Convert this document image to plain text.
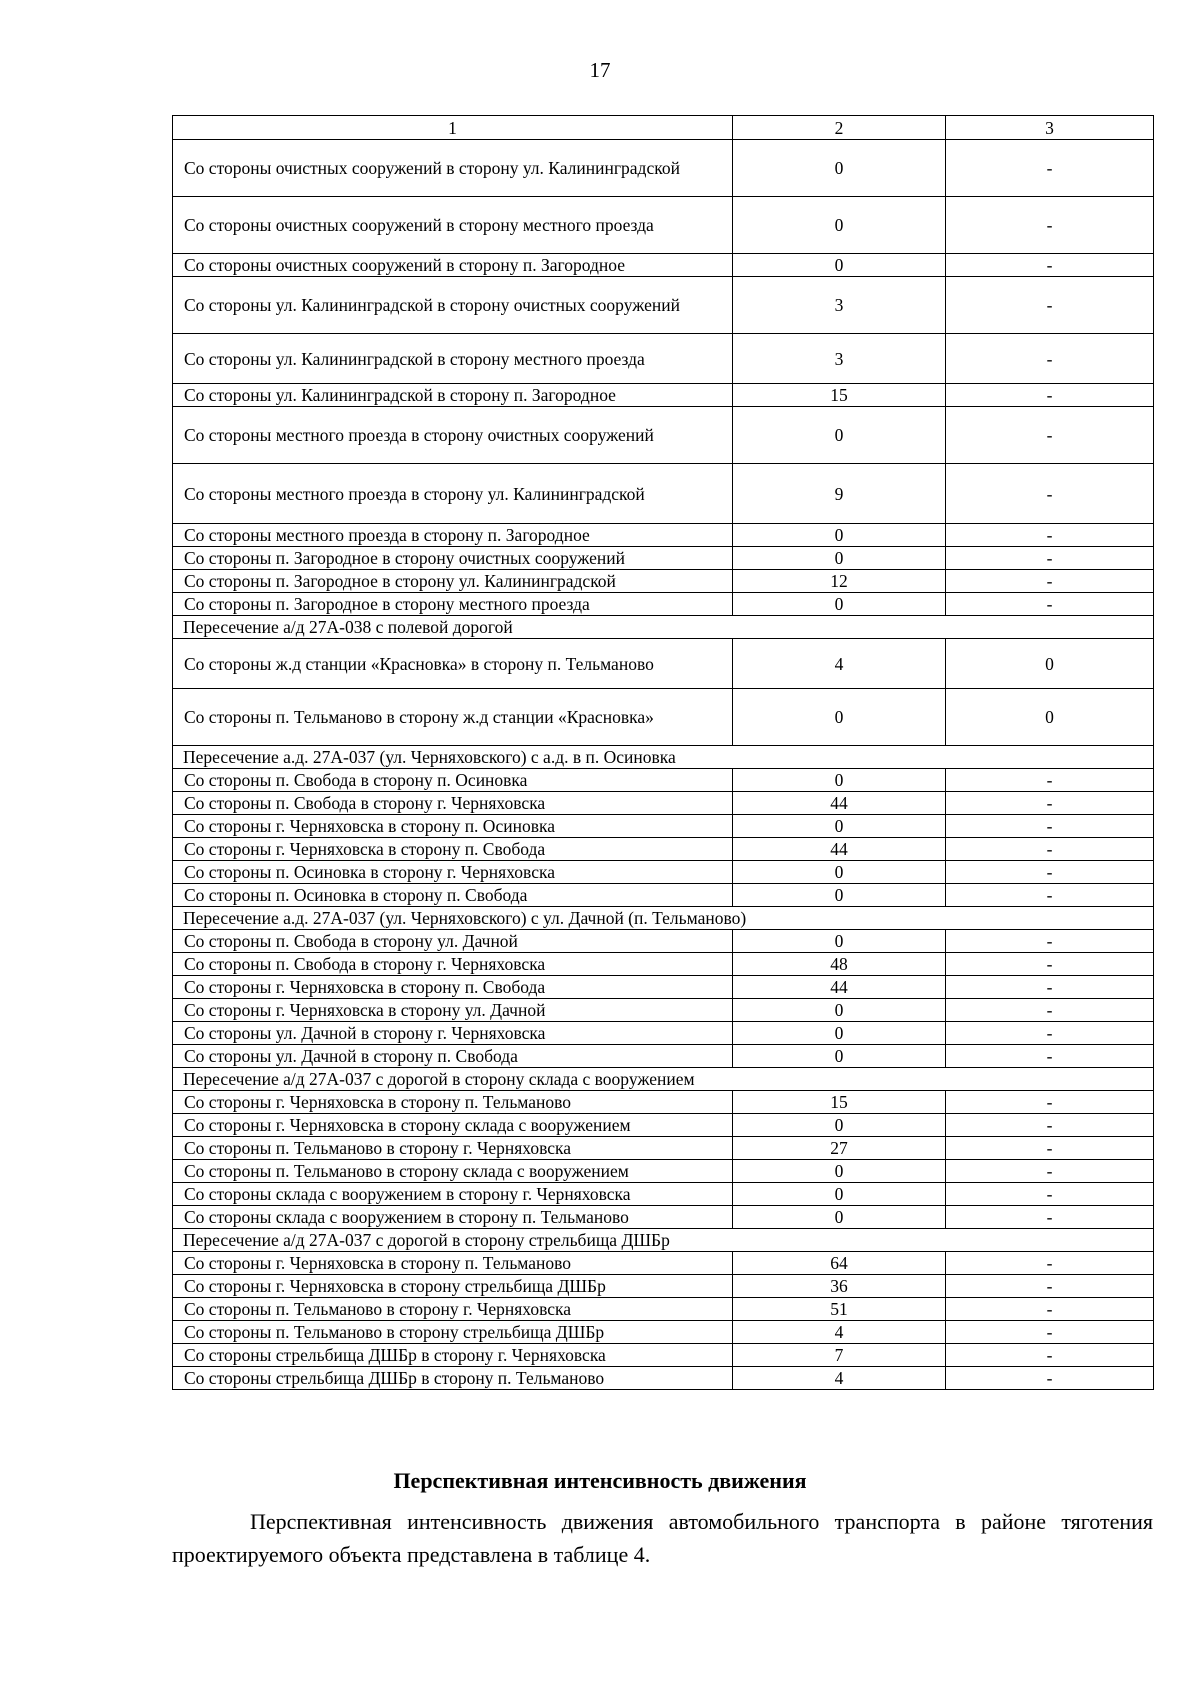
17
1	2	3
Со стороны очистных сооружений в сторону ул. Калининградской	0	-
Со стороны очистных сооружений в сторону местного проезда	0	-
Со стороны очистных сооружений в сторону п. Загородное	0	-
Со стороны ул. Калининградской в сторону очистных сооружений	3	-
Со стороны ул. Калининградской в сторону местного проезда	3	-
Со стороны ул. Калининградской в сторону п. Загородное	15	-
Со стороны местного проезда в сторону очистных сооружений	0	-
Со стороны местного проезда в сторону ул. Калининградской	9	-
Со стороны местного проезда в сторону п. Загородное	0	-
Со стороны п. Загородное в сторону очистных сооружений	0	-
Со стороны п. Загородное в сторону ул. Калининградской	12	-
Со стороны п. Загородное в сторону местного проезда	0	-
Пересечение а/д 27А-038 с полевой дорогой		
Со стороны ж.д станции «Красновка» в сторону п. Тельманово	4	0
Со стороны п. Тельманово в сторону ж.д станции «Красновка»	0	0
Пересечение а.д. 27А-037 (ул. Черняховского) с а.д. в п. Осиновка		
Со стороны п. Свобода в сторону п. Осиновка	0	-
Со стороны п. Свобода в сторону г. Черняховска	44	-
Со стороны г. Черняховска в сторону п. Осиновка	0	-
Со стороны г. Черняховска в сторону п. Свобода	44	-
Со стороны п. Осиновка в сторону г. Черняховска	0	-
Со стороны п. Осиновка в сторону п. Свобода	0	-
Пересечение а.д. 27А-037 (ул. Черняховского) с ул. Дачной (п. Тельманово)		
Со стороны п. Свобода в сторону ул. Дачной	0	-
Со стороны п. Свобода в сторону г. Черняховска	48	-
Со стороны г. Черняховска в сторону п. Свобода	44	-
Со стороны г. Черняховска в сторону ул. Дачной	0	-
Со стороны ул. Дачной в сторону г. Черняховска	0	-
Со стороны ул. Дачной в сторону п. Свобода	0	-
Пересечение а/д 27А-037 с дорогой в сторону склада с вооружением		
Со стороны г. Черняховска в сторону п. Тельманово	15	-
Со стороны г. Черняховска в сторону склада с вооружением	0	-
Со стороны п. Тельманово в сторону г. Черняховска	27	-
Со стороны п. Тельманово в сторону склада с вооружением	0	-
Со стороны склада с вооружением в сторону г. Черняховска	0	-
Со стороны склада с вооружением в сторону п. Тельманово	0	-
Пересечение а/д 27А-037 с дорогой в сторону стрельбища ДШБр		
Со стороны г. Черняховска в сторону п. Тельманово	64	-
Со стороны г. Черняховска в сторону стрельбища ДШБр	36	-
Со стороны п. Тельманово в сторону г. Черняховска	51	-
Со стороны п. Тельманово в сторону стрельбища ДШБр	4	-
Со стороны стрельбища ДШБр в сторону г. Черняховска	7	-
Со стороны стрельбища ДШБр в сторону п. Тельманово	4	-
Перспективная интенсивность движения
Перспективная интенсивность движения автомобильного транспорта в районе тяготения проектируемого объекта представлена в таблице 4.
